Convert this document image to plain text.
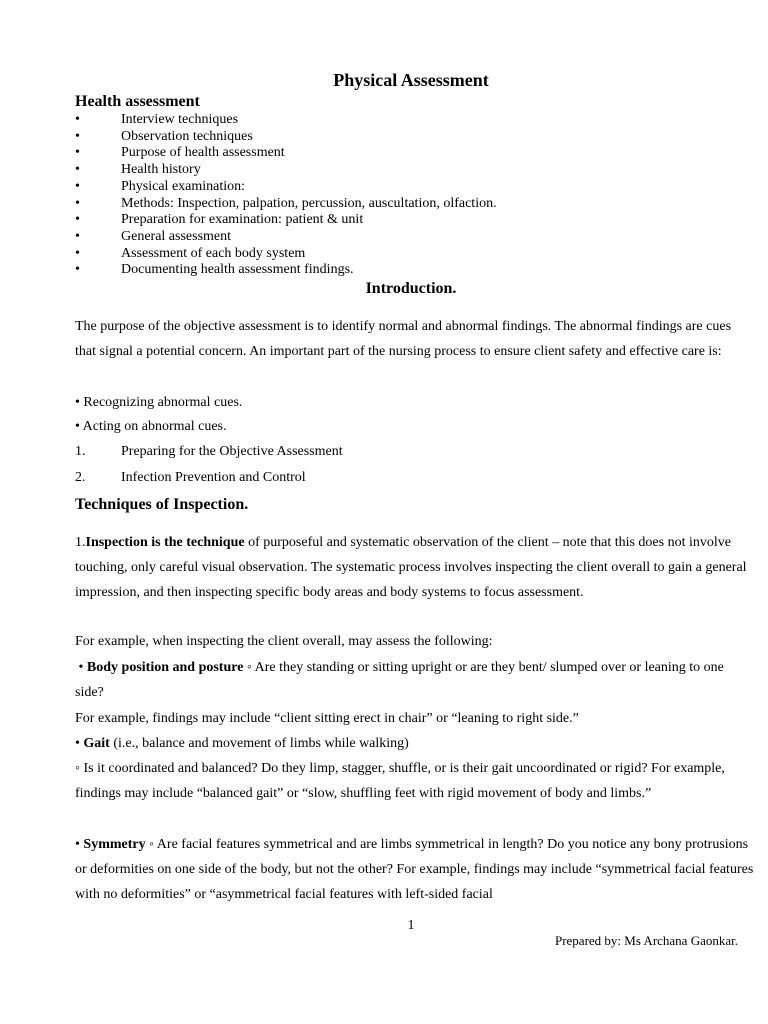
Physical Assessment
Health assessment
•	Interview techniques
•	Observation techniques
•	Purpose of health assessment
•	Health history
•	Physical examination:
•	Methods: Inspection, palpation, percussion, auscultation, olfaction.
•	Preparation for examination: patient & unit
•	General assessment
•	Assessment of each body system
•	Documenting health assessment findings.
Introduction.
The purpose of the objective assessment is to identify normal and abnormal findings. The abnormal findings are cues that signal a potential concern. An important part of the nursing process to ensure client safety and effective care is:
• Recognizing abnormal cues.
• Acting on abnormal cues.
1.	Preparing for the Objective Assessment
2.	Infection Prevention and Control
Techniques of Inspection.
1.Inspection is the technique of purposeful and systematic observation of the client – note that this does not involve touching, only careful visual observation. The systematic process involves inspecting the client overall to gain a general impression, and then inspecting specific body areas and body systems to focus assessment.
For example, when inspecting the client overall, may assess the following:
• Body position and posture ◦ Are they standing or sitting upright or are they bent/ slumped over or leaning to one side?
For example, findings may include “client sitting erect in chair” or “leaning to right side.”
• Gait (i.e., balance and movement of limbs while walking)
◦ Is it coordinated and balanced? Do they limp, stagger, shuffle, or is their gait uncoordinated or rigid? For example, findings may include “balanced gait” or “slow, shuffling feet with rigid movement of body and limbs.”
• Symmetry ◦ Are facial features symmetrical and are limbs symmetrical in length? Do you notice any bony protrusions or deformities on one side of the body, but not the other? For example, findings may include “symmetrical facial features with no deformities” or “asymmetrical facial features with left-sided facial
1
Prepared by: Ms Archana Gaonkar.
